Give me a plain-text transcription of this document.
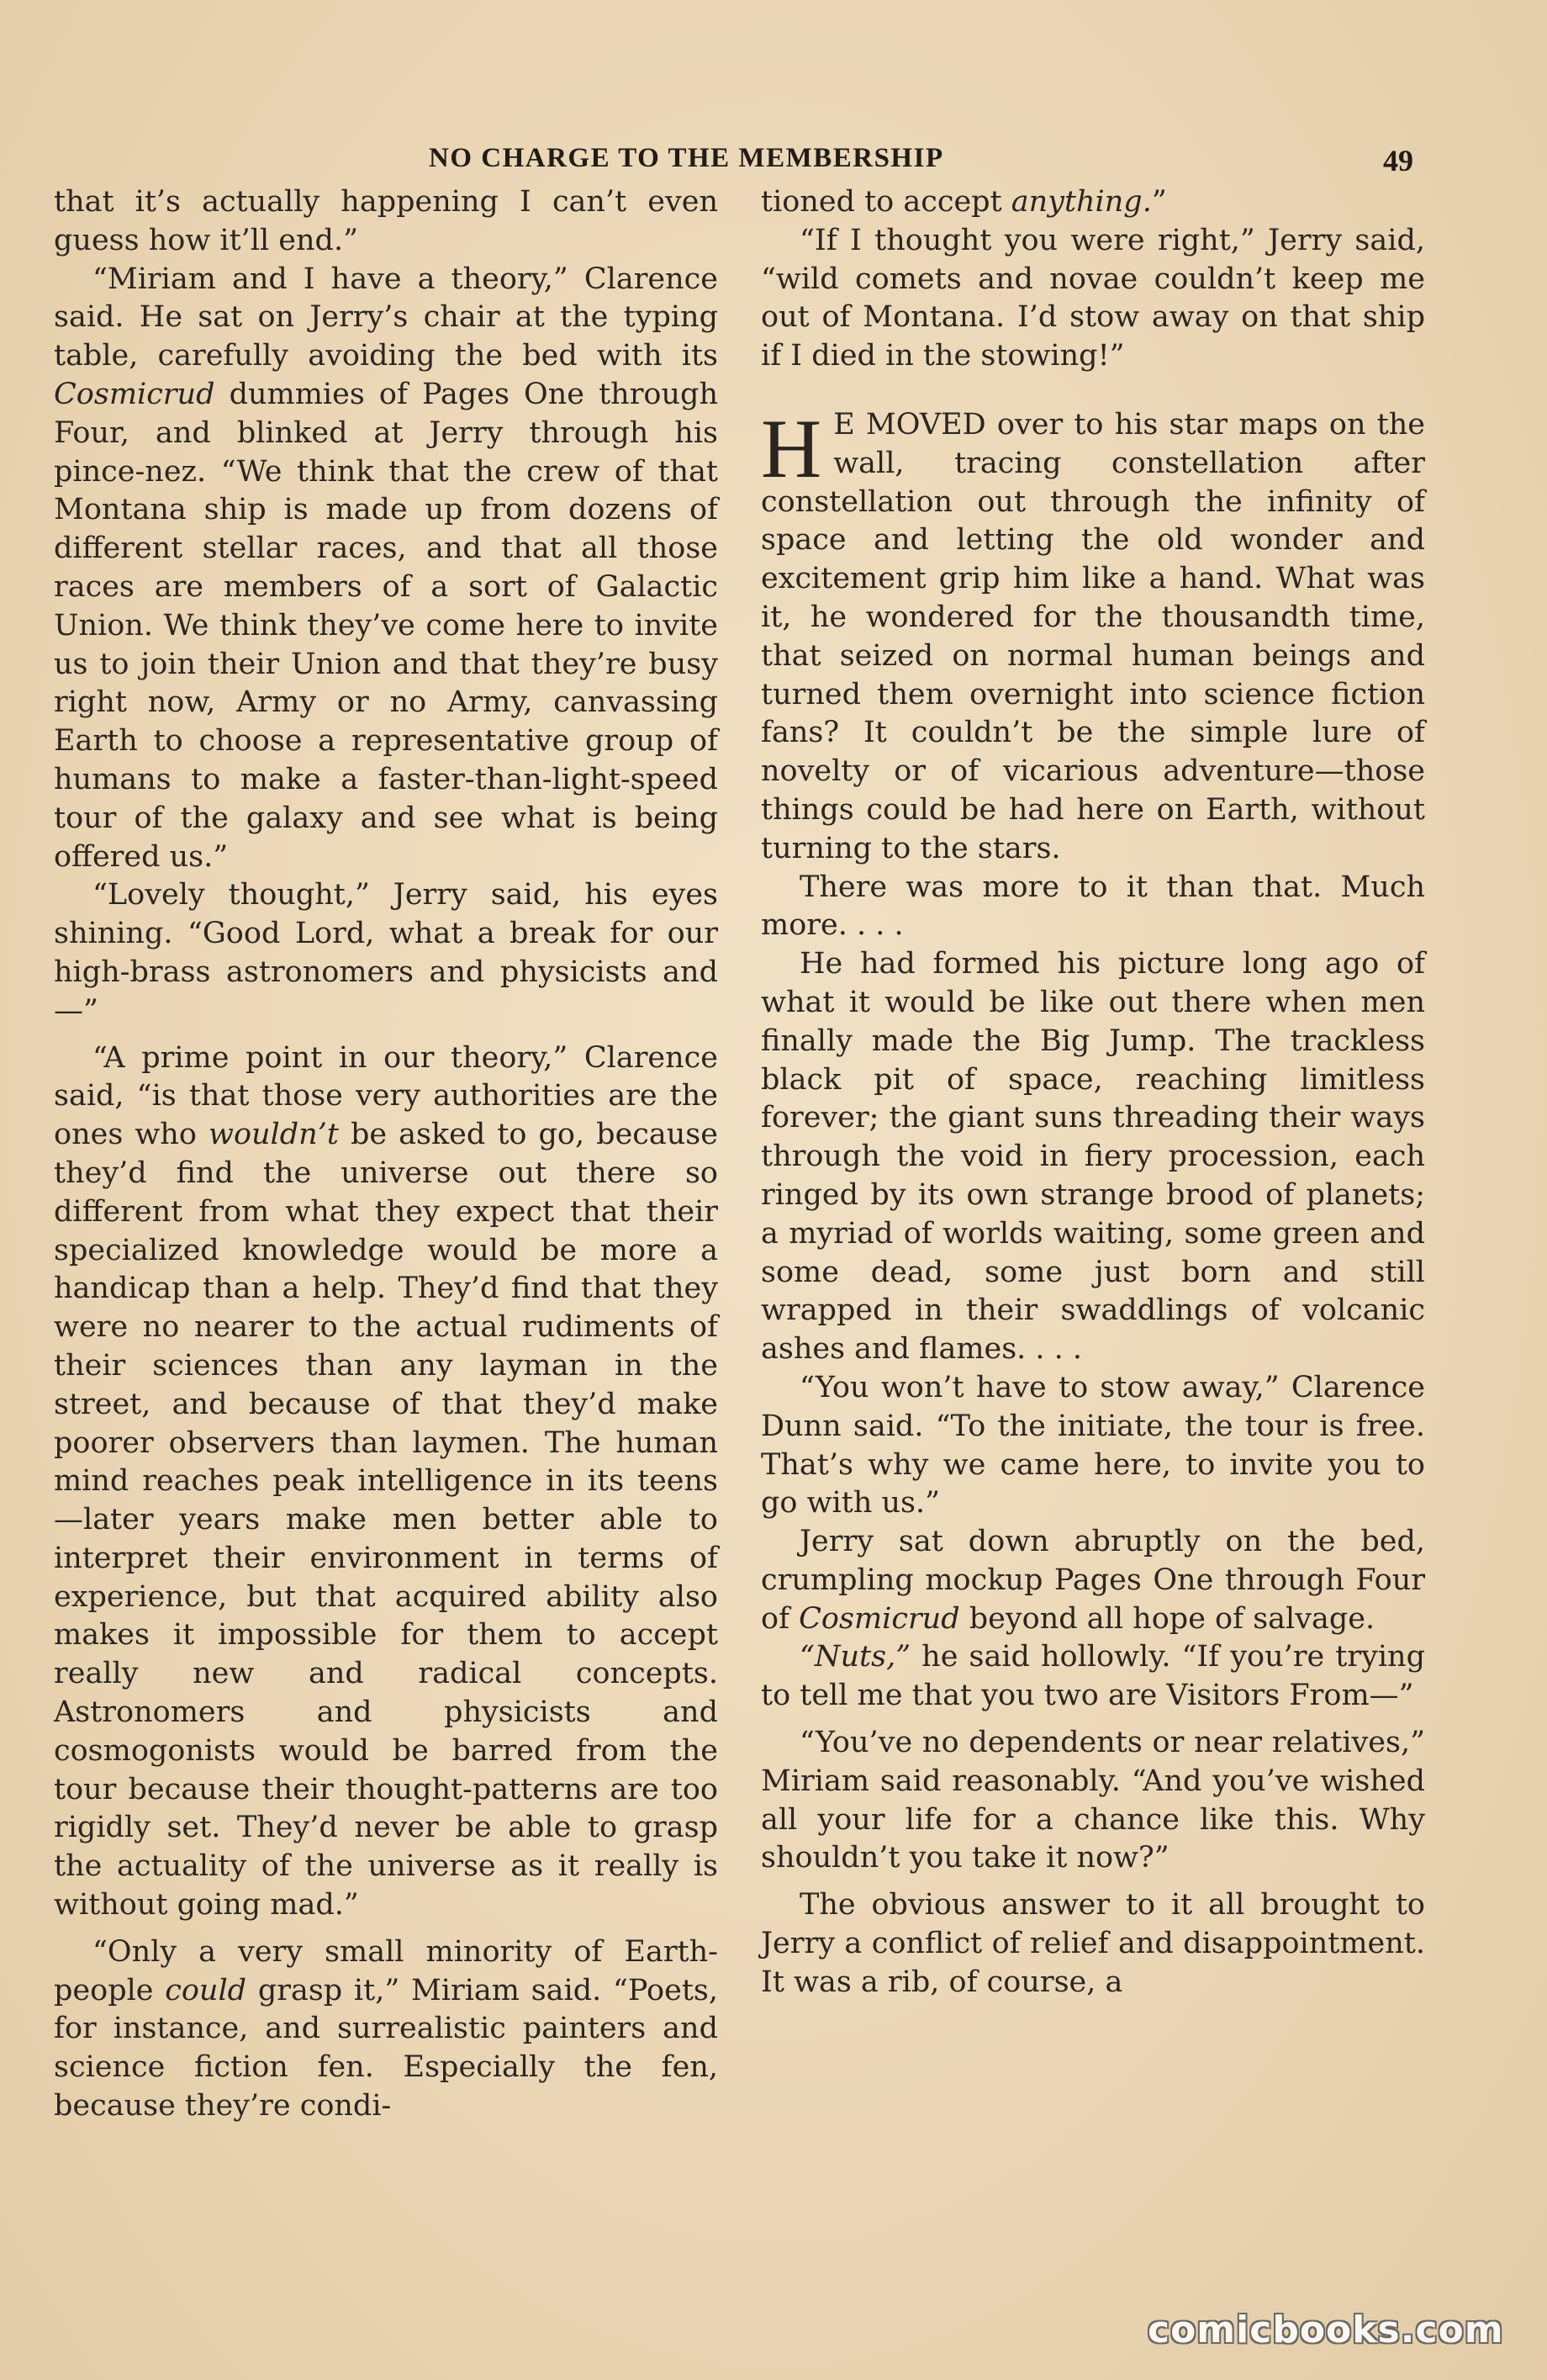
NO CHARGE TO THE MEMBERSHIP	49

that it’s actually happening I can’t even guess how it’ll end.”

“Miriam and I have a theory,” Clarence said. He sat on Jerry’s chair at the typing table, carefully avoiding the bed with its Cosmicrud dummies of Pages One through Four, and blinked at Jerry through his pince-nez. “We think that the crew of that Montana ship is made up from dozens of different stellar races, and that all those races are members of a sort of Galactic Union. We think they’ve come here to invite us to join their Union and that they’re busy right now, Army or no Army, canvassing Earth to choose a representative group of humans to make a faster-than-light-speed tour of the galaxy and see what is being offered us.”

“Lovely thought,” Jerry said, his eyes shining. “Good Lord, what a break for our high-brass astronomers and physicists and—”

“A prime point in our theory,” Clarence said, “is that those very authorities are the ones who wouldn’t be asked to go, because they’d find the universe out there so different from what they expect that their specialized knowledge would be more a handicap than a help. They’d find that they were no nearer to the actual rudiments of their sciences than any layman in the street, and because of that they’d make poorer observers than laymen. The human mind reaches peak intelligence in its teens—later years make men better able to interpret their environment in terms of experience, but that acquired ability also makes it impossible for them to accept really new and radical concepts. Astronomers and physicists and cosmogonists would be barred from the tour because their thought-patterns are too rigidly set. They’d never be able to grasp the actuality of the universe as it really is without going mad.”

“Only a very small minority of Earth-people could grasp it,” Miriam said. “Poets, for instance, and surrealistic painters and science fiction fen. Especially the fen, because they’re condi-

tioned to accept anything.”

“If I thought you were right,” Jerry said, “wild comets and novae couldn’t keep me out of Montana. I’d stow away on that ship if I died in the stowing!”

H E MOVED over to his star maps on the wall, tracing constellation after constellation out through the infinity of space and letting the old wonder and excitement grip him like a hand. What was it, he wondered for the thousandth time, that seized on normal human beings and turned them overnight into science fiction fans? It couldn’t be the simple lure of novelty or of vicarious adventure—those things could be had here on Earth, without turning to the stars.

There was more to it than that. Much more. . . .

He had formed his picture long ago of what it would be like out there when men finally made the Big Jump. The trackless black pit of space, reaching limitless forever; the giant suns threading their ways through the void in fiery procession, each ringed by its own strange brood of planets; a myriad of worlds waiting, some green and some dead, some just born and still wrapped in their swaddlings of volcanic ashes and flames. . . .

“You won’t have to stow away,” Clarence Dunn said. “To the initiate, the tour is free. That’s why we came here, to invite you to go with us.”

Jerry sat down abruptly on the bed, crumpling mockup Pages One through Four of Cosmicrud beyond all hope of salvage.

“Nuts,” he said hollowly. “If you’re trying to tell me that you two are Visitors From—”

“You’ve no dependents or near relatives,” Miriam said reasonably. “And you’ve wished all your life for a chance like this. Why shouldn’t you take it now?”

The obvious answer to it all brought to Jerry a conflict of relief and disappointment. It was a rib, of course, a

comicbooks.com
